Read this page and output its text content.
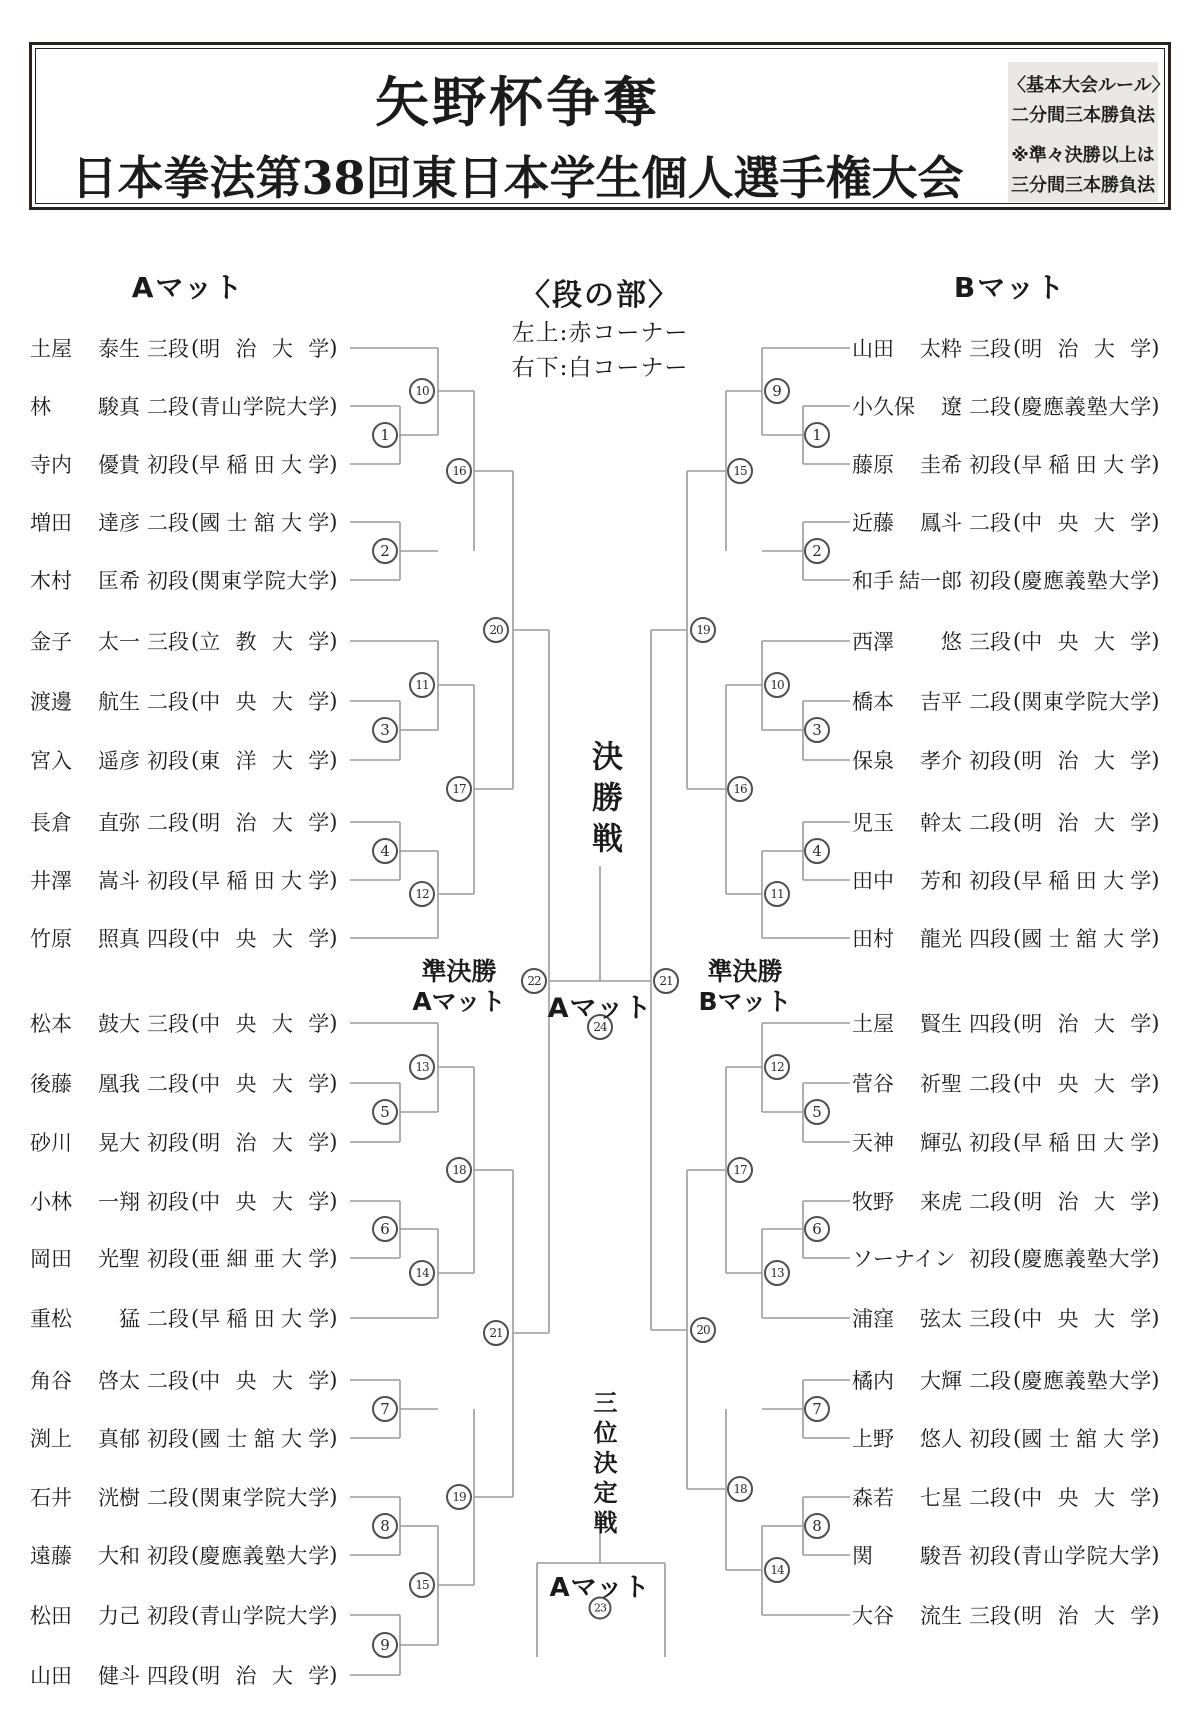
矢野杯争奪
日本拳法第38回東日本学生個人選手権大会
〈基本大会ルール〉
二分間三本勝負法
※準々決勝以上は
三分間三本勝負法
Aマット	Bマット
〈段の部〉
左上:赤コーナー
右下:白コーナー
土屋 泰生 三段 ( 明 治 大 学 )
林 駿真 二段 ( 青 山 学 院 大 学 )
寺内 優貴 初段 ( 早 稲 田 大 学 )
増田 達彦 二段 ( 國 士 舘 大 学 )
木村 匡希 初段 ( 関 東 学 院 大 学 )
金子 太一 三段 ( 立 教 大 学 )
渡邊 航生 二段 ( 中 央 大 学 )
宮入 遥彦 初段 ( 東 洋 大 学 )
長倉 直弥 二段 ( 明 治 大 学 )
井澤 嵩斗 初段 ( 早 稲 田 大 学 )
竹原 照真 四段 ( 中 央 大 学 )
松本 鼓大 三段 ( 中 央 大 学 )
後藤 凰我 二段 ( 中 央 大 学 )
砂川 晃大 初段 ( 明 治 大 学 )
小林 一翔 初段 ( 中 央 大 学 )
岡田 光聖 初段 ( 亜 細 亜 大 学 )
重松 猛 二段 ( 早 稲 田 大 学 )
角谷 啓太 二段 ( 中 央 大 学 )
渕上 真郁 初段 ( 國 士 舘 大 学 )
石井 洸樹 二段 ( 関 東 学 院 大 学 )
遠藤 大和 初段 ( 慶 應 義 塾 大 学 )
松田 力己 初段 ( 青 山 学 院 大 学 )
山田 健斗 四段 ( 明 治 大 学 )
山田 太粋 三段 ( 明 治 大 学 )
小久保 遼 二段 ( 慶 應 義 塾 大 学 )
藤原 圭希 初段 ( 早 稲 田 大 学 )
近藤 鳳斗 二段 ( 中 央 大 学 )
和手 結一郎 初段 ( 慶 應 義 塾 大 学 )
西澤 悠 三段 ( 中 央 大 学 )
橋本 吉平 二段 ( 関 東 学 院 大 学 )
保泉 孝介 初段 ( 明 治 大 学 )
児玉 幹太 二段 ( 明 治 大 学 )
田中 芳和 初段 ( 早 稲 田 大 学 )
田村 龍光 四段 ( 國 士 舘 大 学 )
土屋 賢生 四段 ( 明 治 大 学 )
菅谷 祈聖 二段 ( 中 央 大 学 )
天神 輝弘 初段 ( 早 稲 田 大 学 )
牧野 来虎 二段 ( 明 治 大 学 )
ソーナイン 初段 ( 慶 應 義 塾 大 学 )
浦窪 弦太 三段 ( 中 央 大 学 )
橘内 大輝 二段 ( 慶 應 義 塾 大 学 )
上野 悠人 初段 ( 國 士 舘 大 学 )
森若 七星 二段 ( 中 央 大 学 )
関 駿吾 初段 ( 青 山 学 院 大 学 )
大谷 流生 三段 ( 明 治 大 学 )
1
2
3
4
5
6
7
8
9
10
11
12
13
14
15
16
17
18
19
20
21
1
2
3
4
5
6
7
8
9
10
11
12
13
14
15
16
17
18
19
20
22	21
24
23
準決勝
Aマット
準決勝
Bマット
決勝戦
Aマット
三位決定戦
Aマット
